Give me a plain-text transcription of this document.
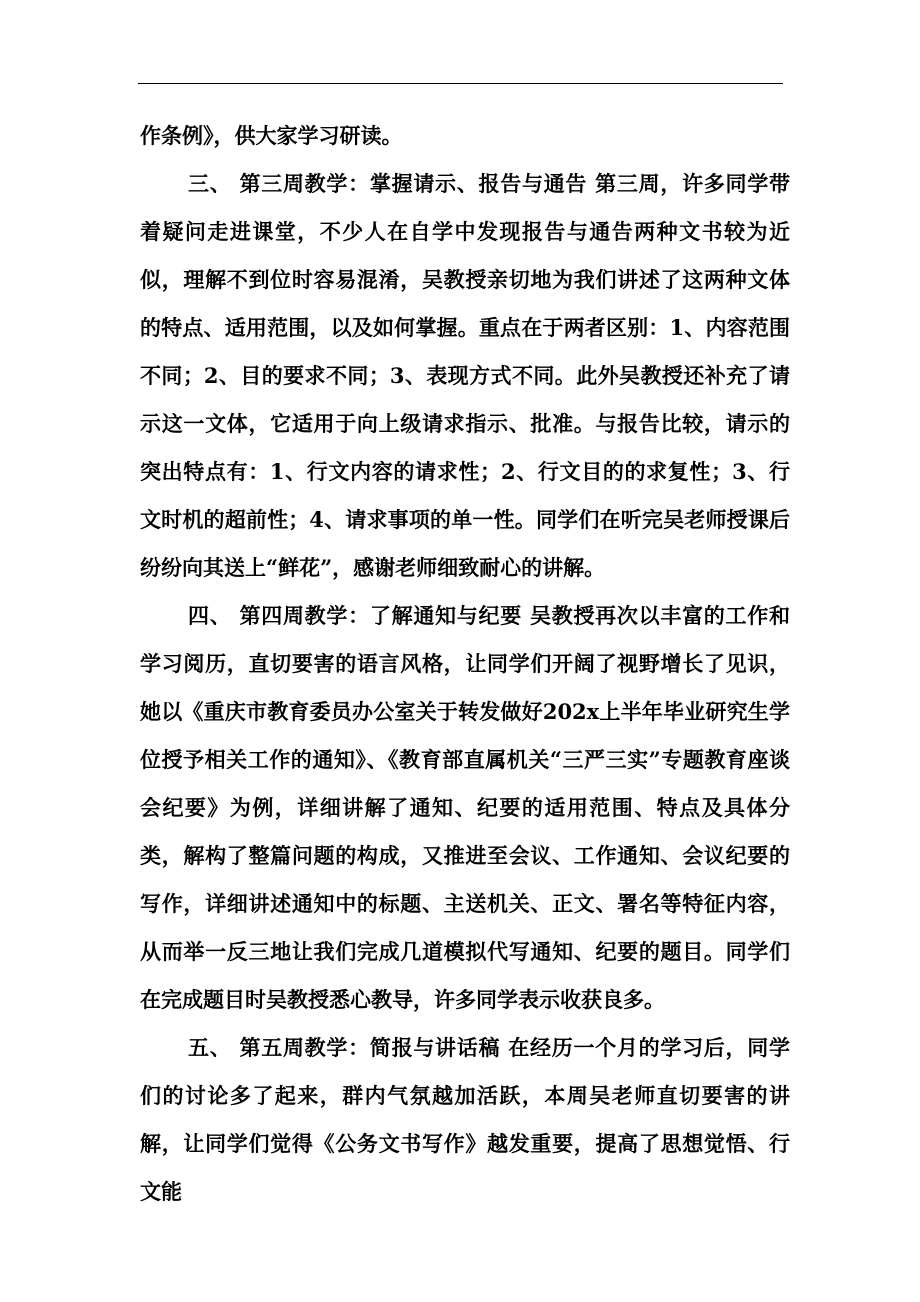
作条例》，供大家学习研读。

三、 第三周教学：掌握请示、报告与通告 第三周，许多同学带着疑问走进课堂，不少人在自学中发现报告与通告两种文书较为近似，理解不到位时容易混淆，吴教授亲切地为我们讲述了这两种文体的特点、适用范围，以及如何掌握。重点在于两者区别：1、内容范围不同；2、目的要求不同；3、表现方式不同。此外吴教授还补充了请示这一文体，它适用于向上级请求指示、批准。与报告比较，请示的突出特点有：1、行文内容的请求性；2、行文目的的求复性；3、行文时机的超前性；4、请求事项的单一性。同学们在听完吴老师授课后纷纷向其送上“鲜花”，感谢老师细致耐心的讲解。

四、 第四周教学：了解通知与纪要 吴教授再次以丰富的工作和学习阅历，直切要害的语言风格，让同学们开阔了视野增长了见识，她以《重庆市教育委员办公室关于转发做好202x上半年毕业研究生学位授予相关工作的通知》、《教育部直属机关“三严三实”专题教育座谈会纪要》为例，详细讲解了通知、纪要的适用范围、特点及具体分类，解构了整篇问题的构成，又推进至会议、工作通知、会议纪要的写作，详细讲述通知中的标题、主送机关、正文、署名等特征内容，从而举一反三地让我们完成几道模拟代写通知、纪要的题目。同学们在完成题目时吴教授悉心教导，许多同学表示收获良多。

五、 第五周教学：简报与讲话稿 在经历一个月的学习后，同学们的讨论多了起来，群内气氛越加活跃，本周吴老师直切要害的讲解，让同学们觉得《公务文书写作》越发重要，提高了思想觉悟、行文能
